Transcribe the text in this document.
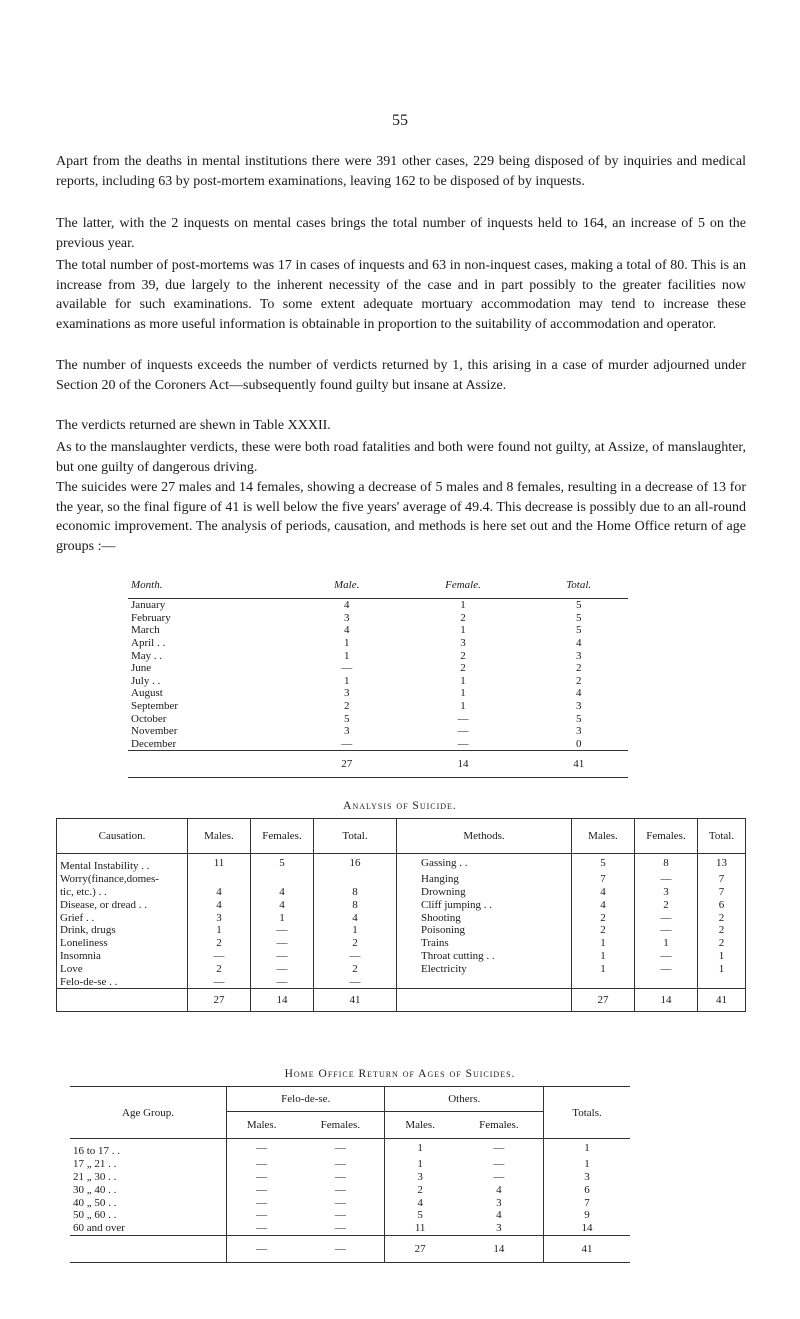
55

Apart from the deaths in mental institutions there were 391 other cases, 229 being disposed of by inquiries and medical reports, including 63 by post-mortem examinations, leaving 162 to be disposed of by inquests.

The latter, with the 2 inquests on mental cases brings the total number of inquests held to 164, an increase of 5 on the previous year.

The total number of post-mortems was 17 in cases of inquests and 63 in non-inquest cases, making a total of 80. This is an increase from 39, due largely to the inherent necessity of the case and in part possibly to the greater facilities now available for such examinations. To some extent adequate mortuary accommodation may tend to increase these examinations as more useful information is obtainable in proportion to the suitability of accommodation and operator.

The number of inquests exceeds the number of verdicts returned by 1, this arising in a case of murder adjourned under Section 20 of the Coroners Act—subsequently found guilty but insane at Assize.

The verdicts returned are shewn in Table XXXII.

As to the manslaughter verdicts, these were both road fatalities and both were found not guilty, at Assize, of manslaughter, but one guilty of dangerous driving.

The suicides were 27 males and 14 females, showing a decrease of 5 males and 8 females, resulting in a decrease of 13 for the year, so the final figure of 41 is well below the five years' average of 49.4. This decrease is possibly due to an all-round economic improvement. The analysis of periods, causation, and methods is here set out and the Home Office return of age groups :—

Month.	Male.	Female.	Total.
January	4	1	5
February	3	2	5
March	4	1	5
April . .	1	3	4
May . .	1	2	3
June	—	2	2
July . .	1	1	2
August	3	1	4
September	2	1	3
October	5	—	5
November	3	—	3
December	—	—	0
	27	14	41
Analysis of Suicide.
Causation.	Males.	Females.	Total.	Methods.	Males.	Females.	Total.
Mental Instability . .	11	5	16	Gassing . .	5	8	13
Worry(finance,domes-				Hanging	7	—	7
tic, etc.) . .	4	4	8	Drowning	4	3	7
Disease, or dread . .	4	4	8	Cliff jumping . .	4	2	6
Grief . .	3	1	4	Shooting	2	—	2
Drink, drugs	1	—	1	Poisoning	2	—	2
Loneliness	2	—	2	Trains	1	1	2
Insomnia	—	—	—	Throat cutting . .	1	—	1
Love	2	—	2	Electricity	1	—	1
Felo-de-se . .	—	—	—				
	27	14	41		27	14	41
Home Office Return of Ages of Suicides.
Age Group.	Felo-de-se.		Others.		Totals.
	Males.	Females.	Males.	Females.	
16 to 17 . .	—	—	1	—	1
17 „ 21 . .	—	—	1	—	1
21 „ 30 . .	—	—	3	—	3
30 „ 40 . .	—	—	2	4	6
40 „ 50 . .	—	—	4	3	7
50 „ 60 . .	—	—	5	4	9
60 and over	—	—	11	3	14
	—	—	27	14	41
